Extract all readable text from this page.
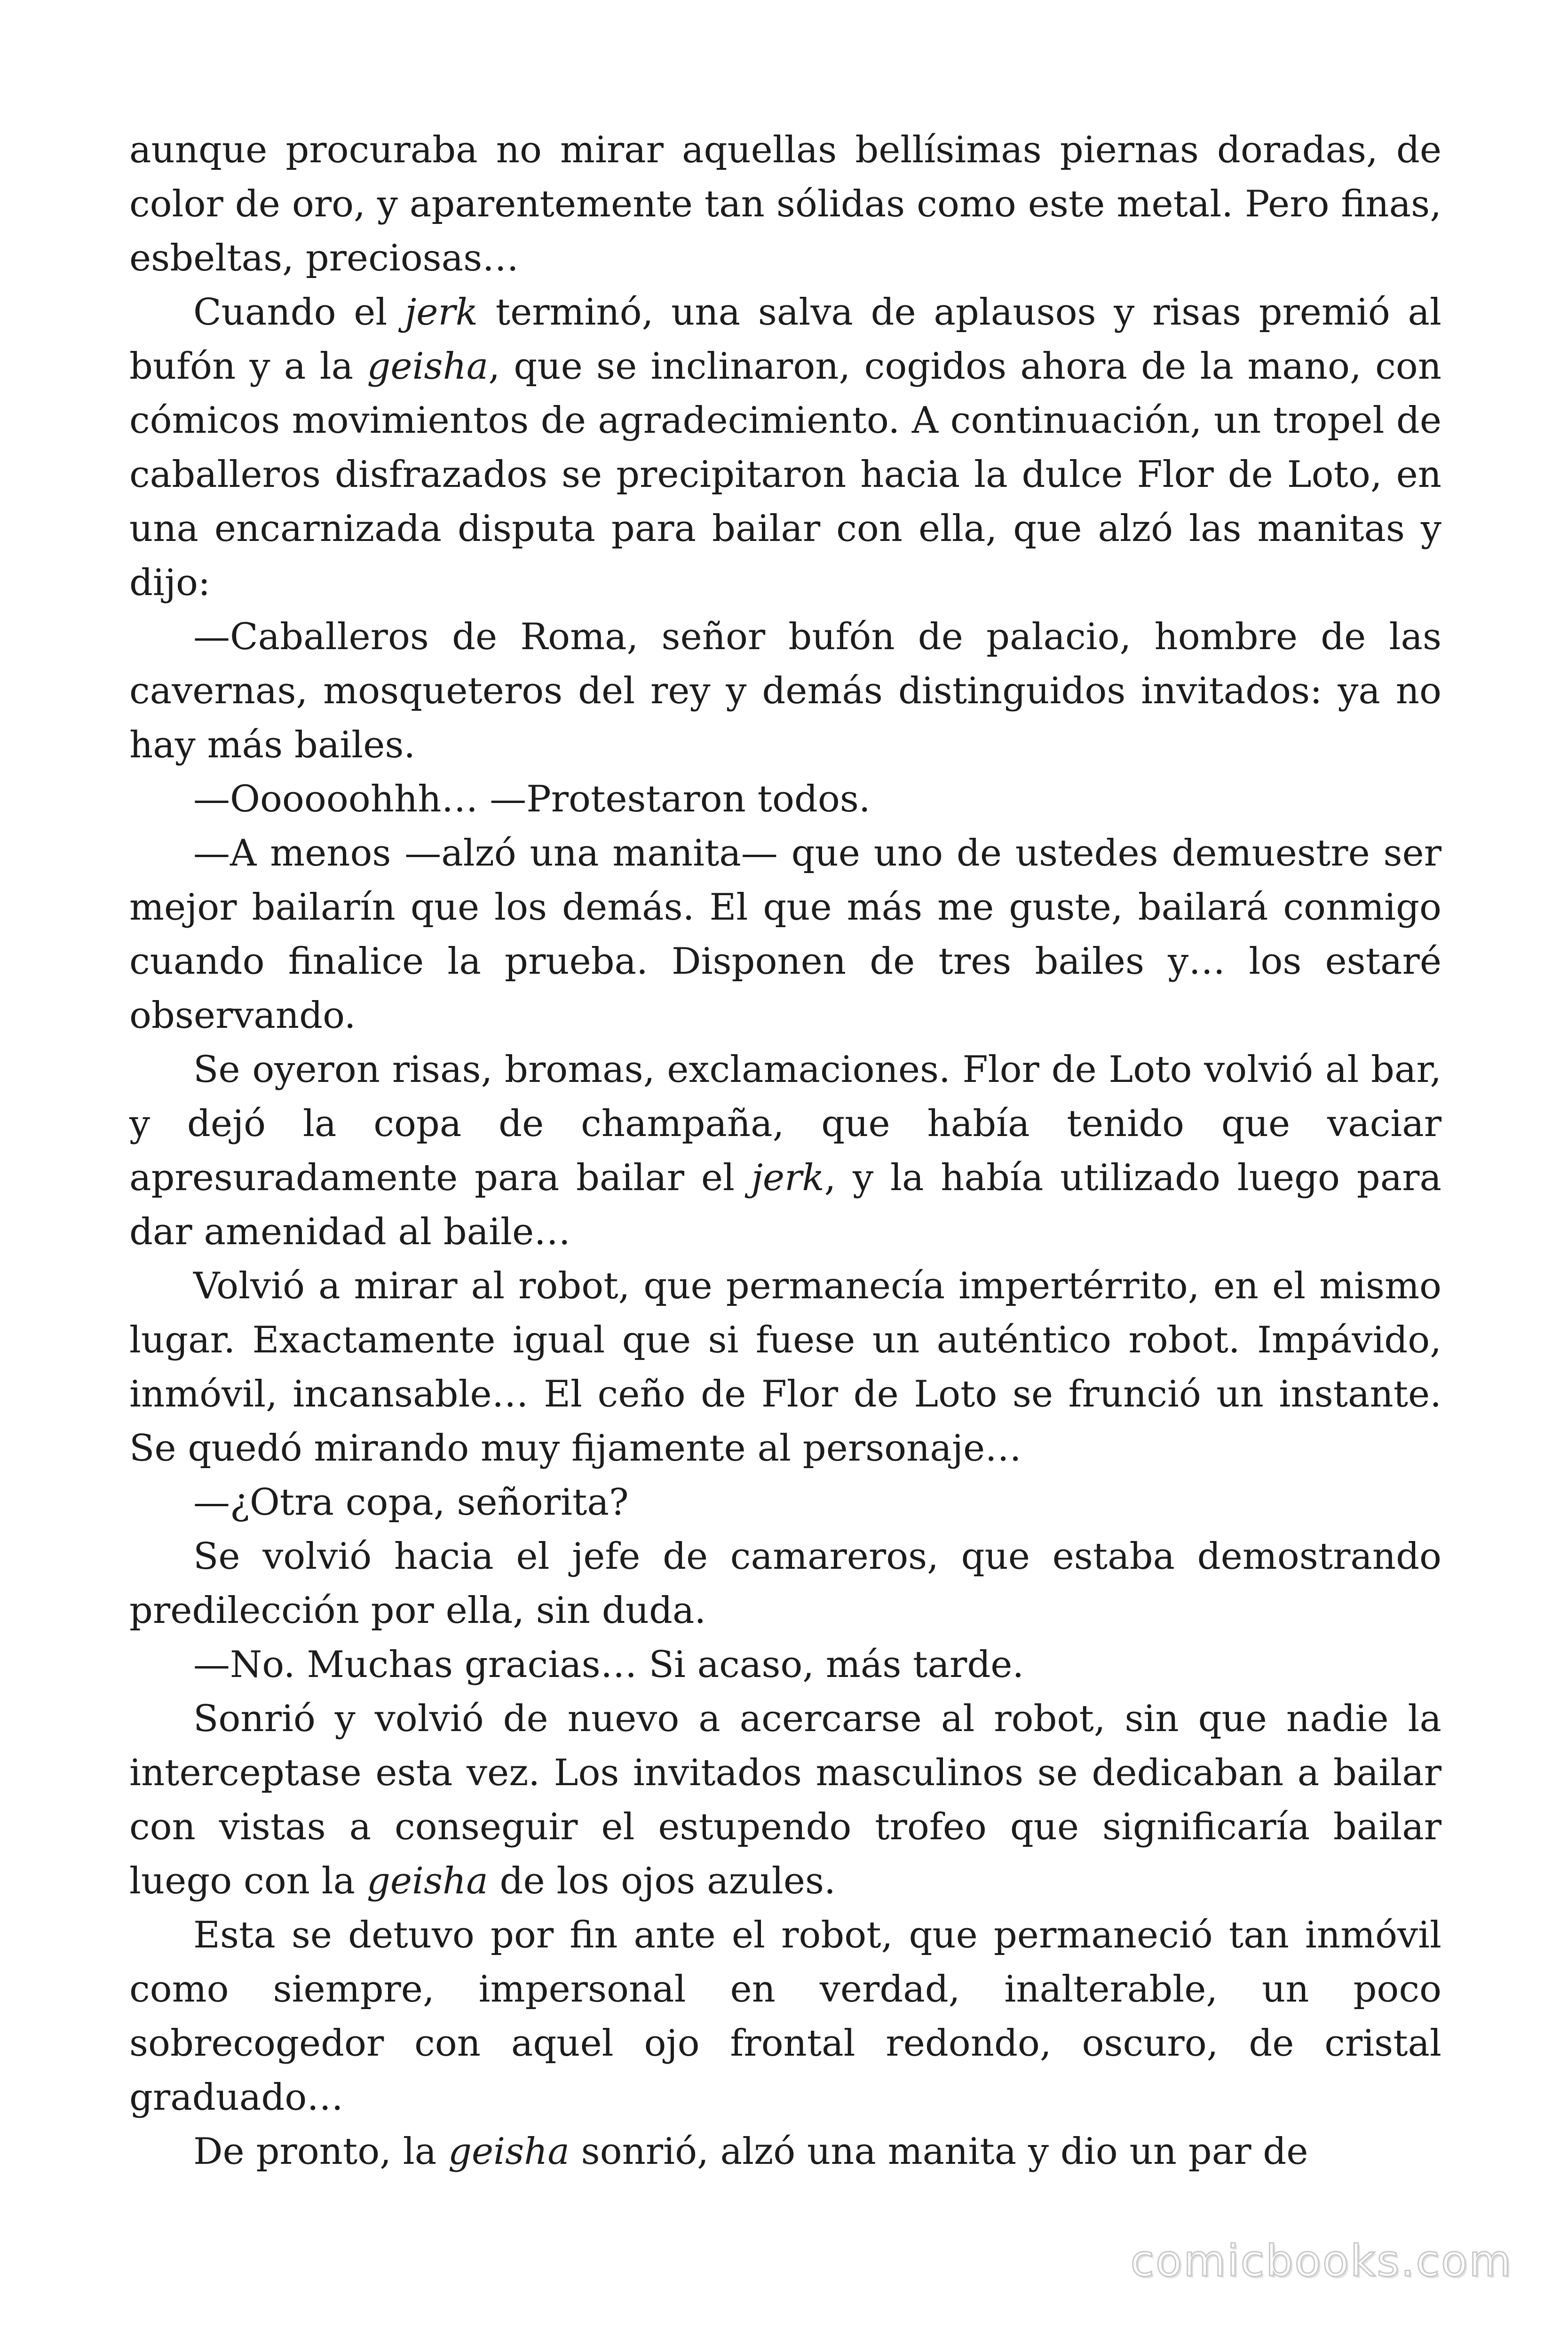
aunque procuraba no mirar aquellas bellísimas piernas doradas, de color de oro, y aparentemente tan sólidas como este metal. Pero finas, esbeltas, preciosas…

Cuando el jerk terminó, una salva de aplausos y risas premió al bufón y a la geisha, que se inclinaron, cogidos ahora de la mano, con cómicos movimientos de agradecimiento. A continuación, un tropel de caballeros disfrazados se precipitaron hacia la dulce Flor de Loto, en una encarnizada disputa para bailar con ella, que alzó las manitas y dijo:

—Caballeros de Roma, señor bufón de palacio, hombre de las cavernas, mosqueteros del rey y demás distinguidos invitados: ya no hay más bailes.

—Oooooohhh… —Protestaron todos.

—A menos —alzó una manita— que uno de ustedes demuestre ser mejor bailarín que los demás. El que más me guste, bailará conmigo cuando finalice la prueba. Disponen de tres bailes y… los estaré observando.

Se oyeron risas, bromas, exclamaciones. Flor de Loto volvió al bar, y dejó la copa de champaña, que había tenido que vaciar apresuradamente para bailar el jerk, y la había utilizado luego para dar amenidad al baile…

Volvió a mirar al robot, que permanecía impertérrito, en el mismo lugar. Exactamente igual que si fuese un auténtico robot. Impávido, inmóvil, incansable… El ceño de Flor de Loto se frunció un instante. Se quedó mirando muy fijamente al personaje…

—¿Otra copa, señorita?

Se volvió hacia el jefe de camareros, que estaba demostrando predilección por ella, sin duda.

—No. Muchas gracias… Si acaso, más tarde.

Sonrió y volvió de nuevo a acercarse al robot, sin que nadie la interceptase esta vez. Los invitados masculinos se dedicaban a bailar con vistas a conseguir el estupendo trofeo que significaría bailar luego con la geisha de los ojos azules.

Esta se detuvo por fin ante el robot, que permaneció tan inmóvil como siempre, impersonal en verdad, inalterable, un poco sobrecogedor con aquel ojo frontal redondo, oscuro, de cristal graduado…

De pronto, la geisha sonrió, alzó una manita y dio un par de

comicbooks.com
